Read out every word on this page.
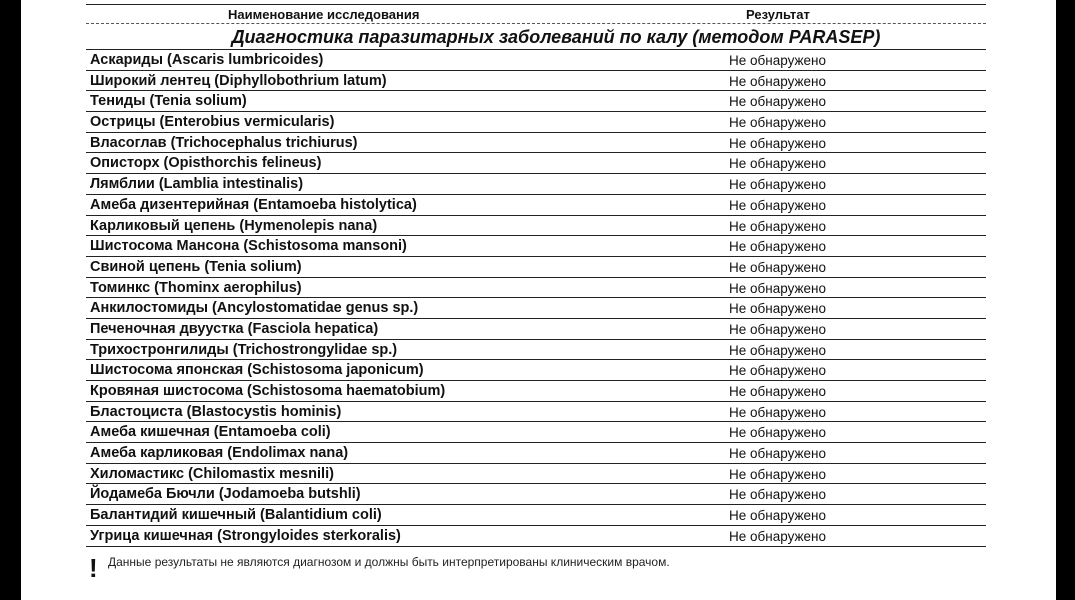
Наименование исследования	Результат
Диагностика паразитарных заболеваний по калу (методом PARASEP)
Аскариды (Ascaris lumbricoides)	Не обнаружено
Широкий лентец (Diphyllobothrium latum)	Не обнаружено
Тениды (Tenia solium)	Не обнаружено
Острицы (Enterobius vermicularis)	Не обнаружено
Власоглав (Trichocephalus trichiurus)	Не обнаружено
Описторх (Opisthorchis felineus)	Не обнаружено
Лямблии (Lamblia intestinalis)	Не обнаружено
Амеба дизентерийная (Entamoeba histolytica)	Не обнаружено
Карликовый цепень (Hymenolepis nana)	Не обнаружено
Шистосома Мансона (Schistosoma mansoni)	Не обнаружено
Свиной цепень (Tenia solium)	Не обнаружено
Томинкс (Thominx aerophilus)	Не обнаружено
Анкилостомиды (Ancylostomatidae genus sp.)	Не обнаружено
Печеночная двуустка (Fasciola hepatica)	Не обнаружено
Трихостронгилиды (Trichostrongylidae sp.)	Не обнаружено
Шистосома японская (Schistosoma japonicum)	Не обнаружено
Кровяная шистосома (Schistosoma haematobium)	Не обнаружено
Бластоциста (Blastocystis hominis)	Не обнаружено
Амеба кишечная (Entamoeba coli)	Не обнаружено
Амеба карликовая (Endolimax nana)	Не обнаружено
Хиломастикс (Chilomastix mesnili)	Не обнаружено
Йодамеба Бючли (Jodamoeba butshli)	Не обнаружено
Балантидий кишечный (Balantidium coli)	Не обнаружено
Угрица кишечная (Strongyloides sterkoralis)	Не обнаружено
! Данные результаты не являются диагнозом и должны быть интерпретированы клиническим врачом.
